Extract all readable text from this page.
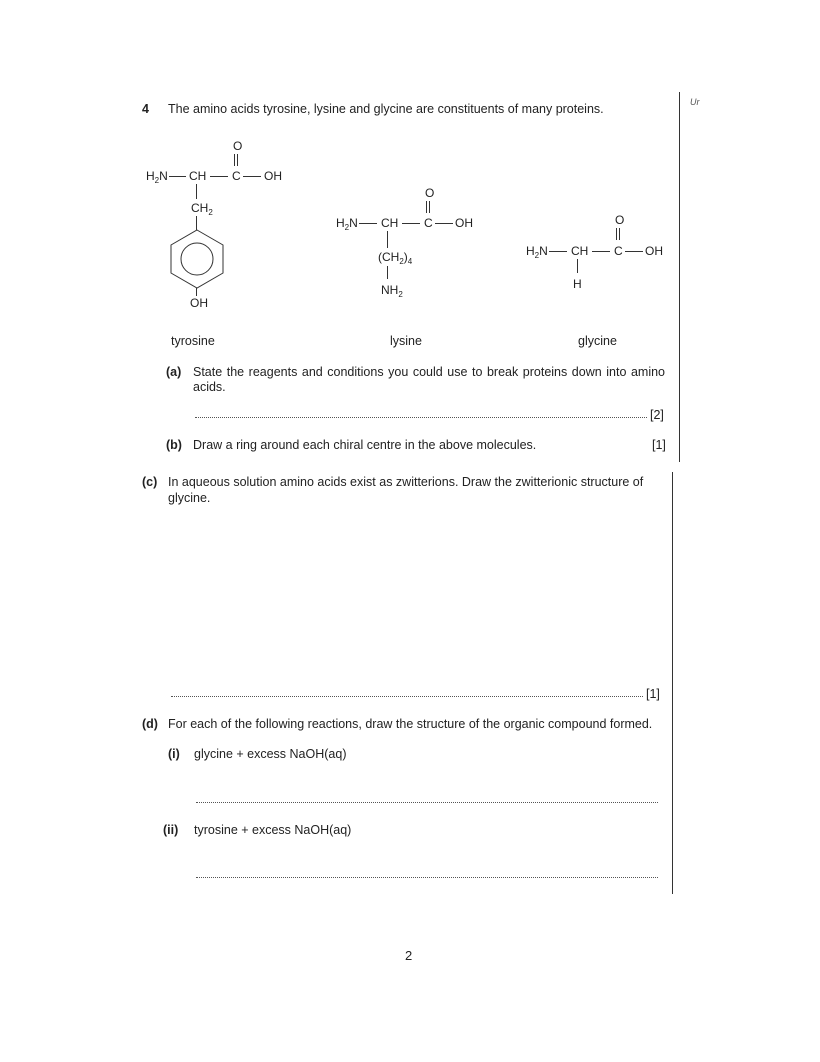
Ur
4 The amino acids tyrosine, lysine and glycine are constituents of many proteins.
O
$H_2N$ CH C OH
$CH_2$
OH
O
$H_2N$ CH C OH
$(CH_2)_4$
$NH_2$
O
$H_2N$ CH C OH
H
tyrosine	lysine	glycine
(a) State the reagents and conditions you could use to break proteins down into amino
acids.
[2]
(b) Draw a ring around each chiral centre in the above molecules.	[1]
(c) In aqueous solution amino acids exist as zwitterions. Draw the zwitterionic structure of
glycine.
[1]
(d) For each of the following reactions, draw the structure of the organic compound formed.
(i) glycine + excess NaOH(aq)
(ii) tyrosine + excess NaOH(aq)
2
